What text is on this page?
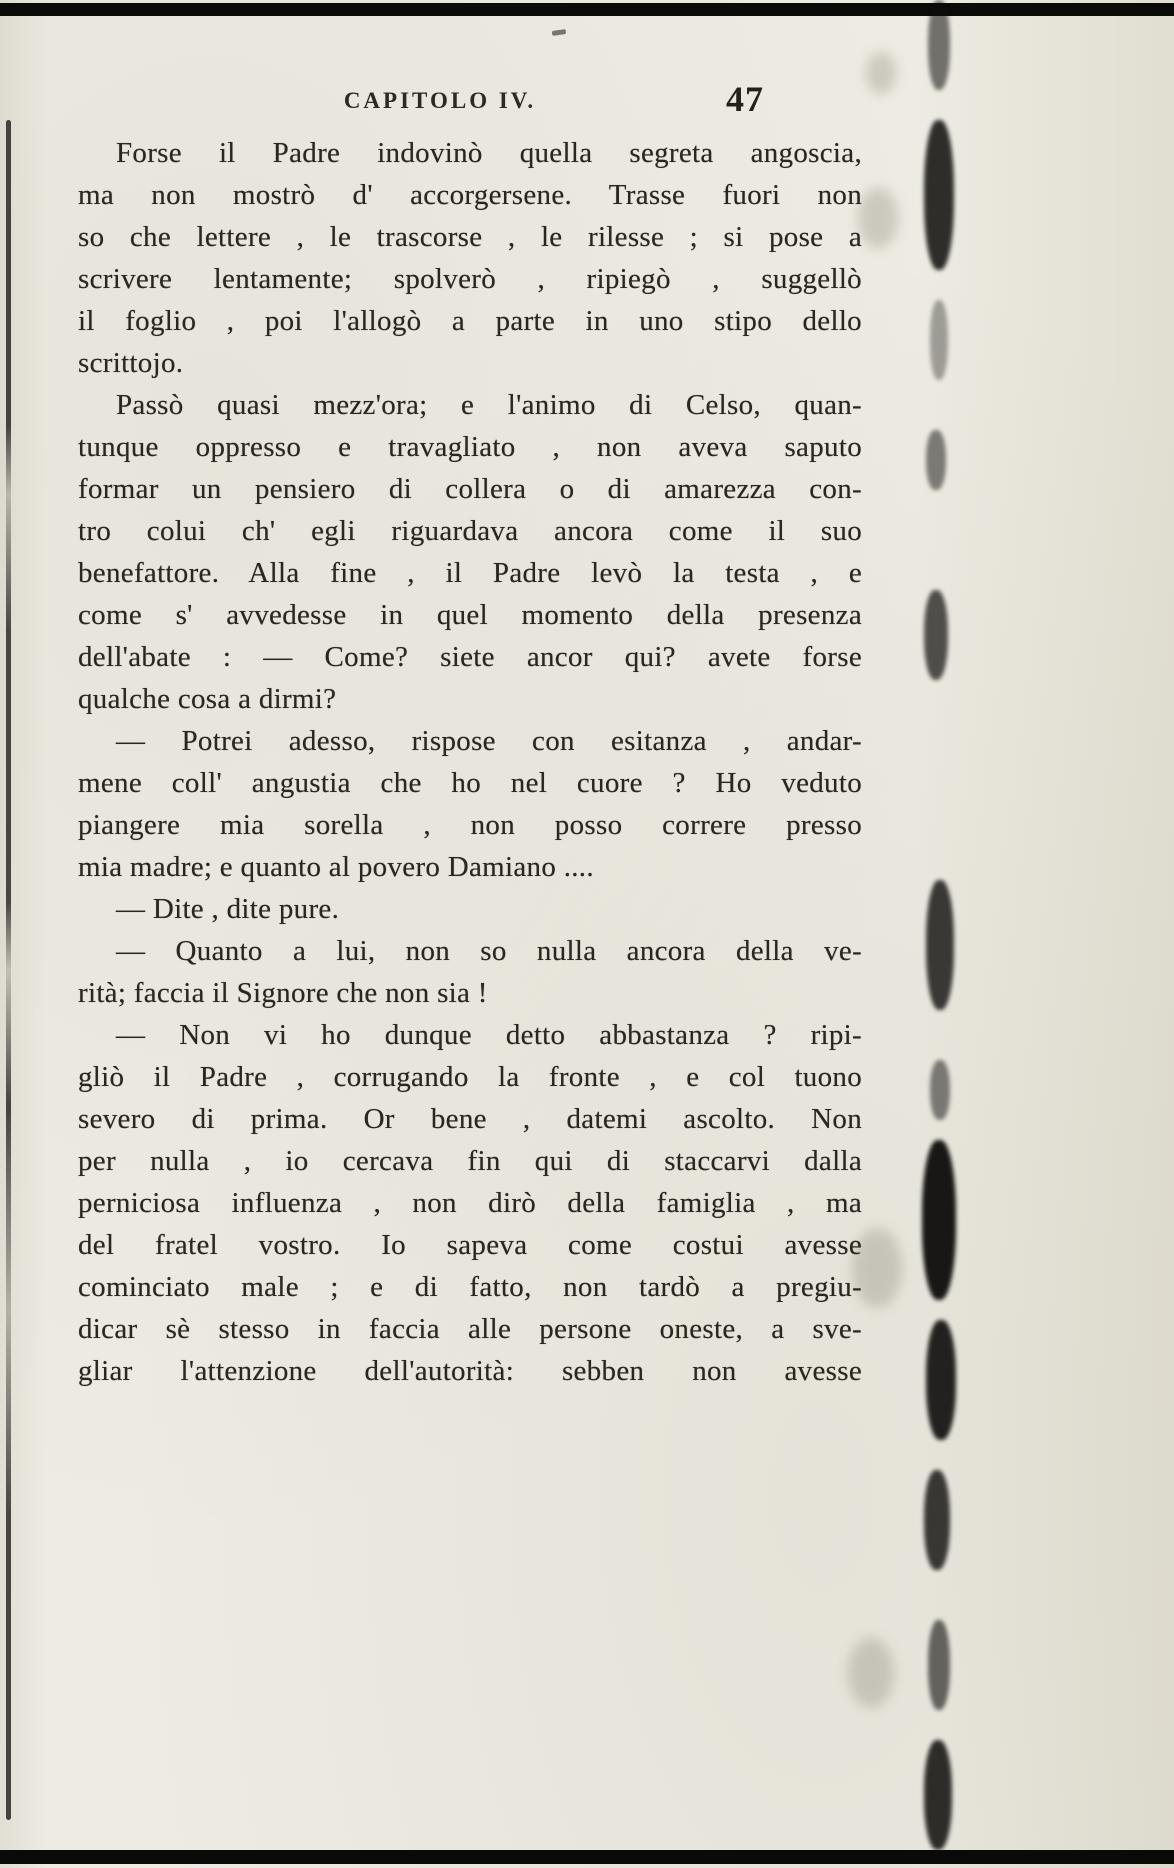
CAPITOLO IV.	47
Forse il Padre indovinò quella segreta angoscia,
ma non mostrò d' accorgersene. Trasse fuori non
so che lettere , le trascorse , le rilesse ; si pose a
scrivere lentamente; spolverò , ripiegò , suggellò
il foglio , poi l'allogò a parte in uno stipo dello
scrittojo.
Passò quasi mezz'ora; e l'animo di Celso, quan-
tunque oppresso e travagliato , non aveva saputo
formar un pensiero di collera o di amarezza con-
tro colui ch' egli riguardava ancora come il suo
benefattore. Alla fine , il Padre levò la testa , e
come s' avvedesse in quel momento della presenza
dell'abate : — Come? siete ancor qui? avete forse
qualche cosa a dirmi?
— Potrei adesso, rispose con esitanza , andar-
mene coll' angustia che ho nel cuore ? Ho veduto
piangere mia sorella , non posso correre presso
mia madre; e quanto al povero Damiano ....
— Dite , dite pure.
— Quanto a lui, non so nulla ancora della ve-
rità; faccia il Signore che non sia !
— Non vi ho dunque detto abbastanza ? ripi-
gliò il Padre , corrugando la fronte , e col tuono
severo di prima. Or bene , datemi ascolto. Non
per nulla , io cercava fin qui di staccarvi dalla
perniciosa influenza , non dirò della famiglia , ma
del fratel vostro. Io sapeva come costui avesse
cominciato male ; e di fatto, non tardò a pregiu-
dicar sè stesso in faccia alle persone oneste, a sve-
gliar l'attenzione dell'autorità: sebben non avesse
